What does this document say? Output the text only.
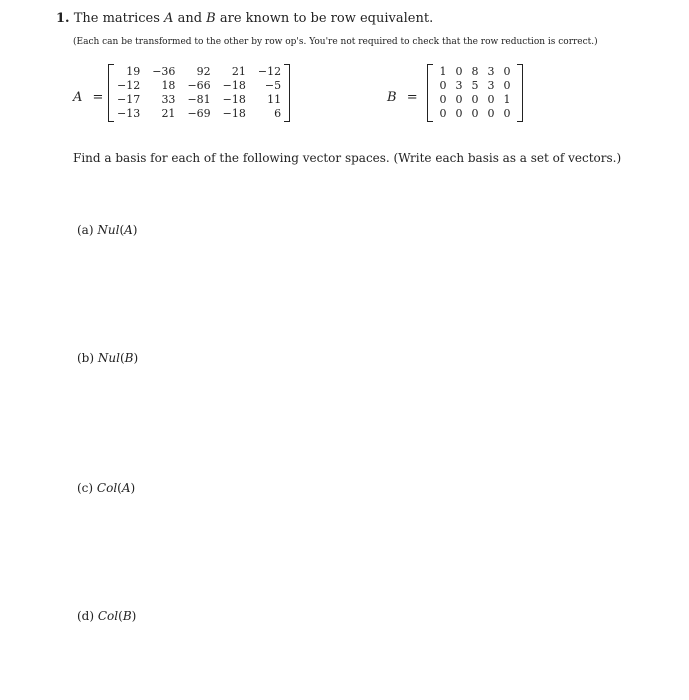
1. The matrices A and B are known to be row equivalent.
(Each can be transformed to the other by row op's. You're not required to check that the row reduction is correct.)
A =
19	−36	92	21	−12
−12	18	−66	−18	−5
−17	33	−81	−18	11
−13	21	−69	−18	6
B =
1	0	8	3	0
0	3	5	3	0
0	0	0	0	1
0	0	0	0	0
Find a basis for each of the following vector spaces. (Write each basis as a set of vectors.)
(a) Nul(A)
(b) Nul(B)
(c) Col(A)
(d) Col(B)
